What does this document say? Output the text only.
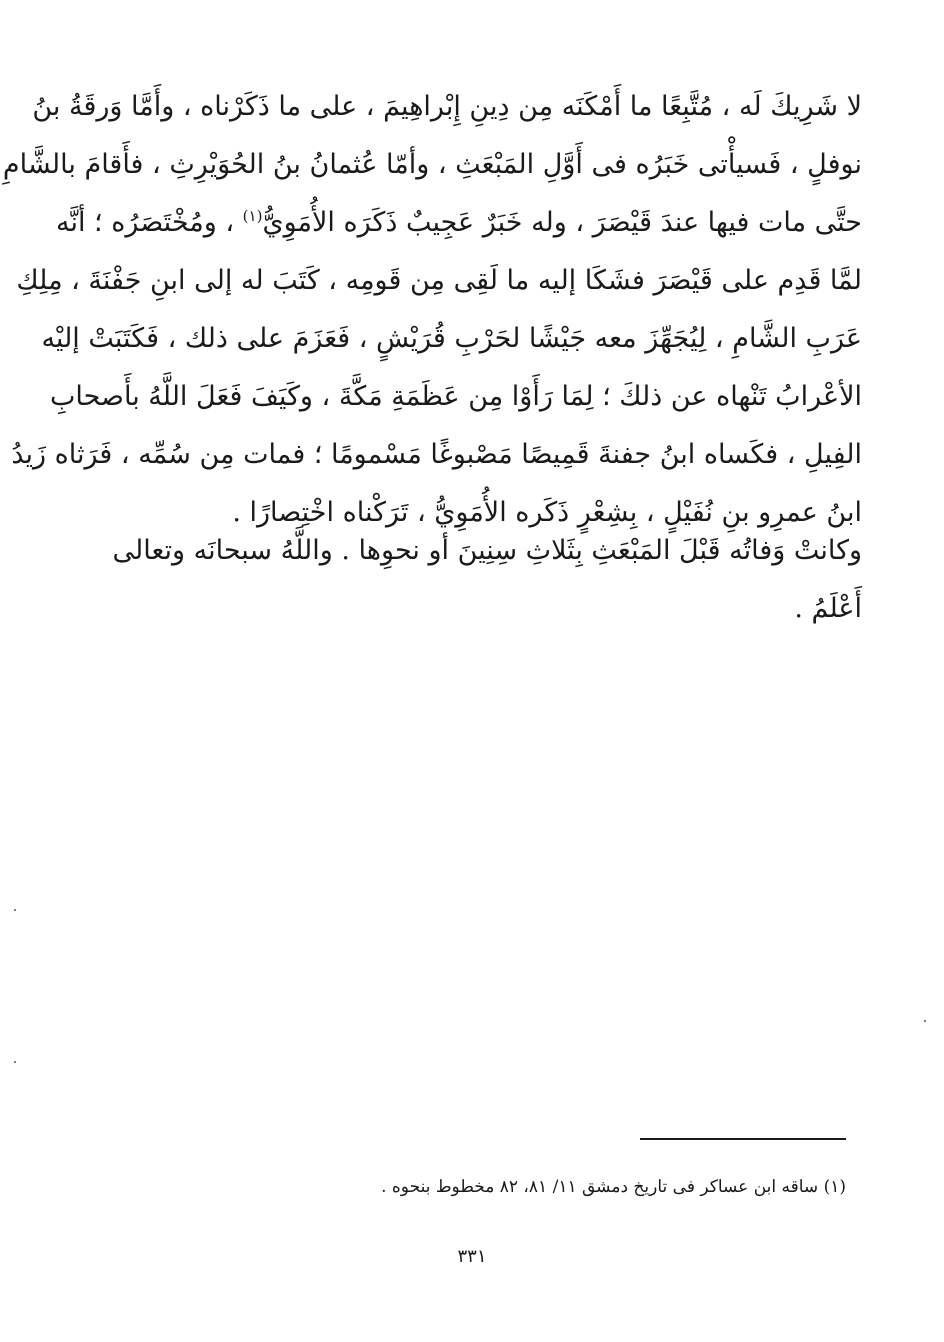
لا شَرِيكَ لَه ، مُتَّبِعًا ما أَمْكَنَه مِن دِينِ إِبْراهِيمَ ، على ما ذَكَرْناه ، وأَمَّا وَرقَةُ بنُ
نوفلٍ ، فَسيأْتى خَبَرُه فى أَوَّلِ المَبْعَثِ ، وأمّا عُثمانُ بنُ الحُوَيْرِثِ ، فأَقامَ بالشَّامِ
حتَّى مات فيها عندَ قَيْصَرَ ، وله خَبَرٌ عَجِيبٌ ذَكَرَه الأُمَوِيُّ$^{(١)}$ ، ومُخْتَصَرُه ؛ أنَّه
لمَّا قَدِم على قَيْصَرَ فشَكَا إليه ما لَقِى مِن قَومِه ، كَتَبَ له إلى ابنِ جَفْنَةَ ، مِلِكِ
عَرَبِ الشَّامِ ، لِيُجَهِّزَ معه جَيْشًا لحَرْبِ قُرَيْشٍ ، فَعَزَمَ على ذلك ، فَكَتَبَتْ إليْه
الأعْرابُ تَنْهاه عن ذلكَ ؛ لِمَا رَأَوْا مِن عَظَمَةِ مَكَّةَ ، وكَيَفَ فَعَلَ اللَّهُ بأَصحابِ
الفِيلِ ، فكَساه ابنُ جفنةَ قَمِيصًا مَصْبوغًا مَسْمومًا ؛ فمات مِن سُمِّه ، فَرَثاه زَيدُ
ابنُ عمرِو بنِ نُفَيْلٍ ، بِشِعْرٍ ذَكَره الأُمَوِيُّ ، تَرَكْناه اخْتِصارًا .
وكانتْ وَفاتُه قَبْلَ المَبْعَثِ بِثَلاثِ سِنِينَ أو نحوِها . واللَّهُ سبحانَه وتعالى
أَعْلَمُ .
(١) ساقه ابن عساكر فى تاريخ دمشق ١١/ ٨١، ٨٢ مخطوط بنحوه .
٣٣١
